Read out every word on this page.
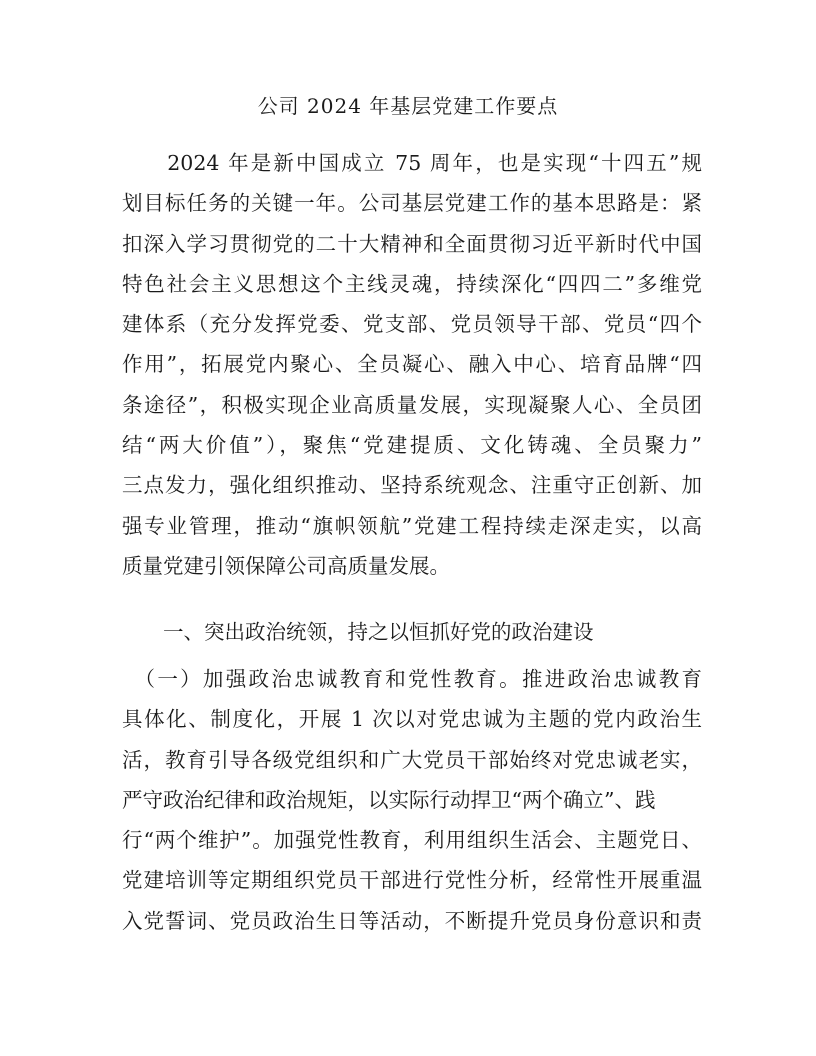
公司 2024 年基层党建工作要点
　　2024 年是新中国成立 75 周年，也是实现“十四五”规
划目标任务的关键一年。公司基层党建工作的基本思路是：紧
扣深入学习贯彻党的二十大精神和全面贯彻习近平新时代中国
特色社会主义思想这个主线灵魂，持续深化“四四二”多维党
建体系（充分发挥党委、党支部、党员领导干部、党员“四个
作用”，拓展党内聚心、全员凝心、融入中心、培育品牌“四
条途径”，积极实现企业高质量发展，实现凝聚人心、全员团
结“两大价值”），聚焦“党建提质、文化铸魂、全员聚力”
三点发力，强化组织推动、坚持系统观念、注重守正创新、加
强专业管理，推动“旗帜领航”党建工程持续走深走实，以高
质量党建引领保障公司高质量发展。
一、突出政治统领，持之以恒抓好党的政治建设
　（一）加强政治忠诚教育和党性教育。推进政治忠诚教育
具体化、制度化，开展 1 次以对党忠诚为主题的党内政治生
活，教育引导各级党组织和广大党员干部始终对党忠诚老实，
严守政治纪律和政治规矩，以实际行动捍卫“两个确立”、践
行“两个维护”。加强党性教育，利用组织生活会、主题党日、
党建培训等定期组织党员干部进行党性分析，经常性开展重温
入党誓词、党员政治生日等活动，不断提升党员身份意识和责
